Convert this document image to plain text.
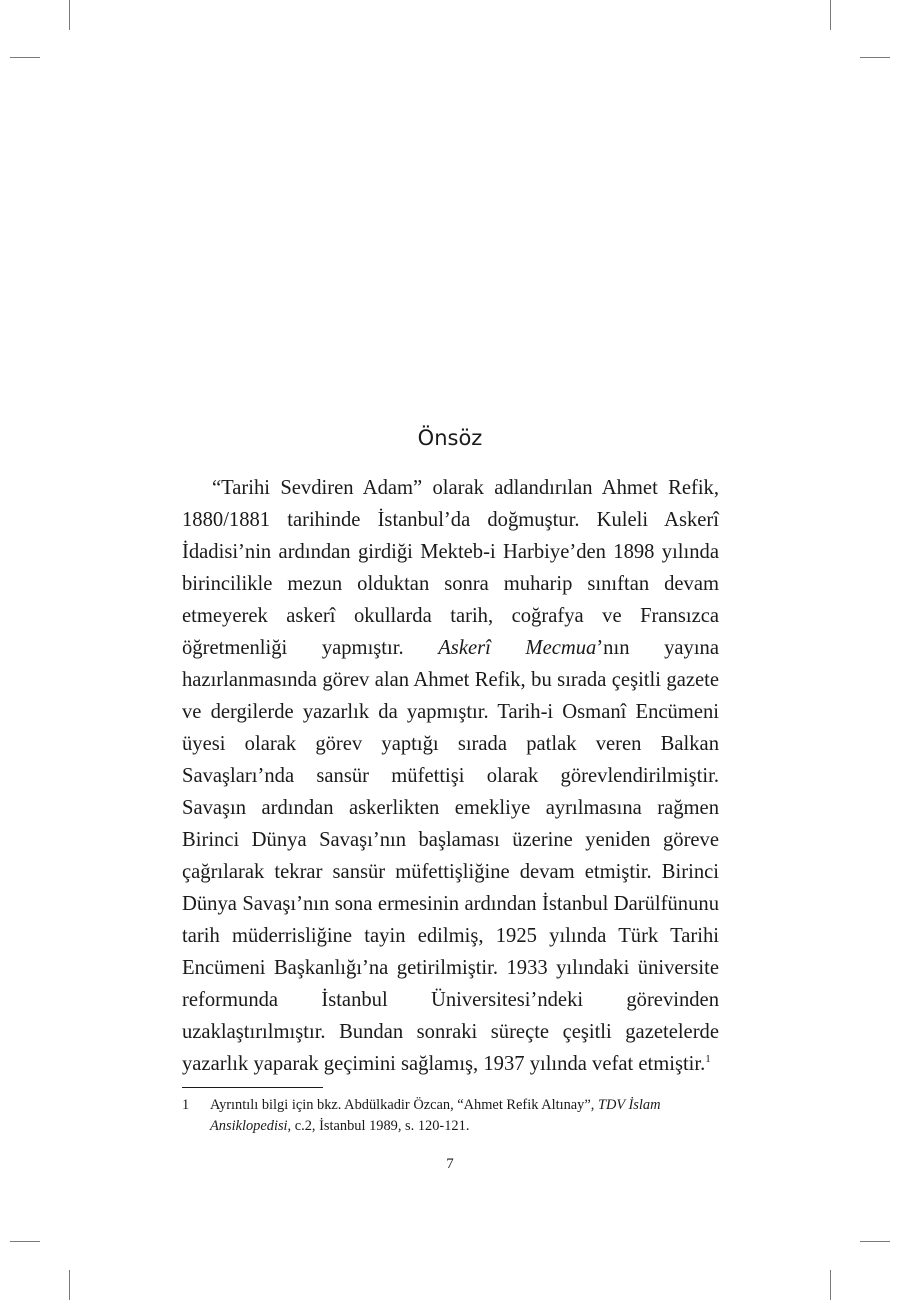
Önsöz

“Tarihi Sevdiren Adam” olarak adlandırılan Ahmet Refik, 1880/1881 tarihinde İstanbul’da doğmuştur. Kuleli Askerî İdadisi’nin ardından girdiği Mekteb-i Harbiye’den 1898 yılında birincilikle mezun olduktan sonra muharip sınıftan devam etmeyerek askerî okullarda tarih, coğrafya ve Fransızca öğretmenliği yapmıştır. Askerî Mecmua’nın yayına hazırlanmasında görev alan Ahmet Refik, bu sırada çeşitli gazete ve dergilerde yazarlık da yapmıştır. Tarih-i Osmanî Encümeni üyesi olarak görev yaptığı sırada patlak veren Balkan Savaşları’nda sansür müfettişi olarak görevlendirilmiştir. Savaşın ardından askerlikten emekliye ayrılmasına rağmen Birinci Dünya Savaşı’nın başlaması üzerine yeniden göreve çağrılarak tekrar sansür müfettişliğine devam etmiştir. Birinci Dünya Savaşı’nın sona ermesinin ardından İstanbul Darülfünunu tarih müderrisliğine tayin edilmiş, 1925 yılında Türk Tarihi Encümeni Başkanlığı’na getirilmiştir. 1933 yılındaki üniversite reformunda İstanbul Üniversitesi’ndeki görevinden uzaklaştırılmıştır. Bundan sonraki süreçte çeşitli gazetelerde yazarlık yaparak geçimini sağlamış, 1937 yılında vefat etmiştir.$^1$

1	Ayrıntılı bilgi için bkz. Abdülkadir Özcan, “Ahmet Refik Altınay”, TDV İslam Ansiklopedisi, c.2, İstanbul 1989, s. 120-121.
7
